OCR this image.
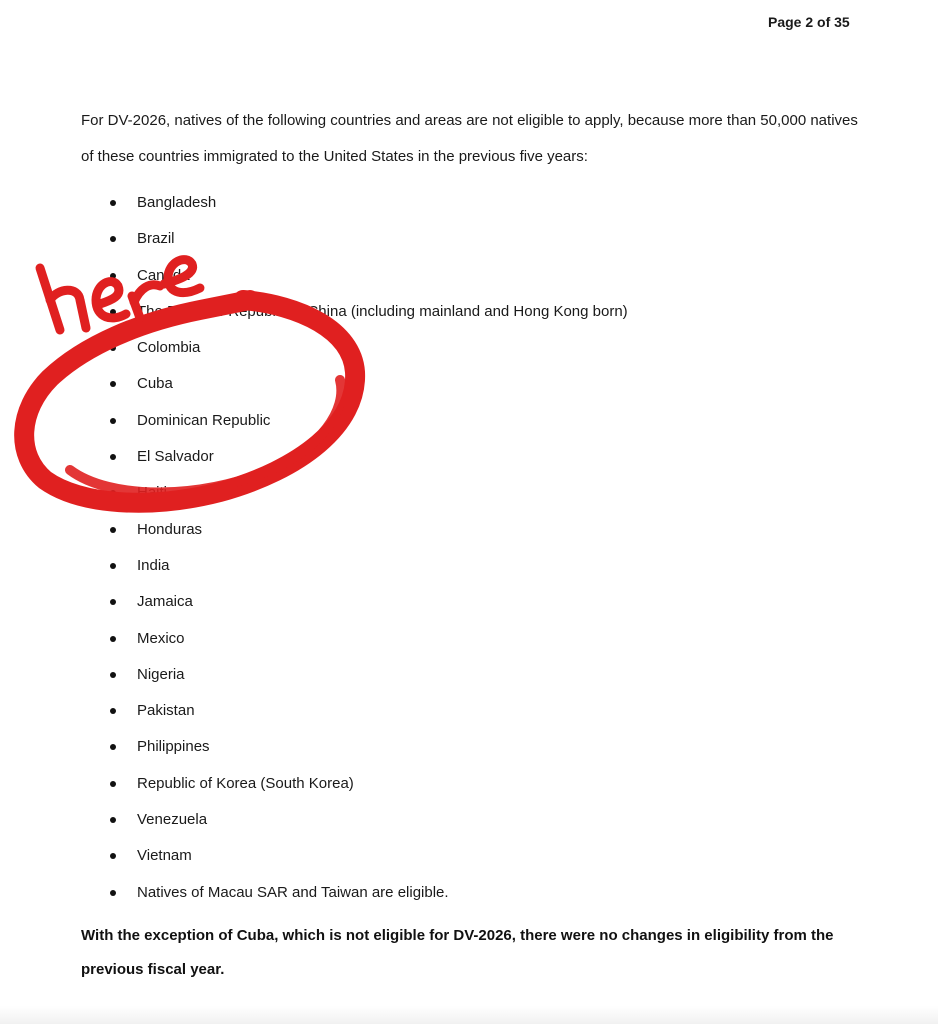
Page 2 of 35
For DV-2026, natives of the following countries and areas are not eligible to apply, because more than 50,000 natives of these countries immigrated to the United States in the previous five years:
Bangladesh
Brazil
Canada
The People's Republic of China (including mainland and Hong Kong born)
Colombia
Cuba
Dominican Republic
El Salvador
Haiti
Honduras
India
Jamaica
Mexico
Nigeria
Pakistan
Philippines
Republic of Korea (South Korea)
Venezuela
Vietnam
Natives of Macau SAR and Taiwan are eligible.
With the exception of Cuba, which is not eligible for DV-2026, there were no changes in eligibility from the previous fiscal year.
